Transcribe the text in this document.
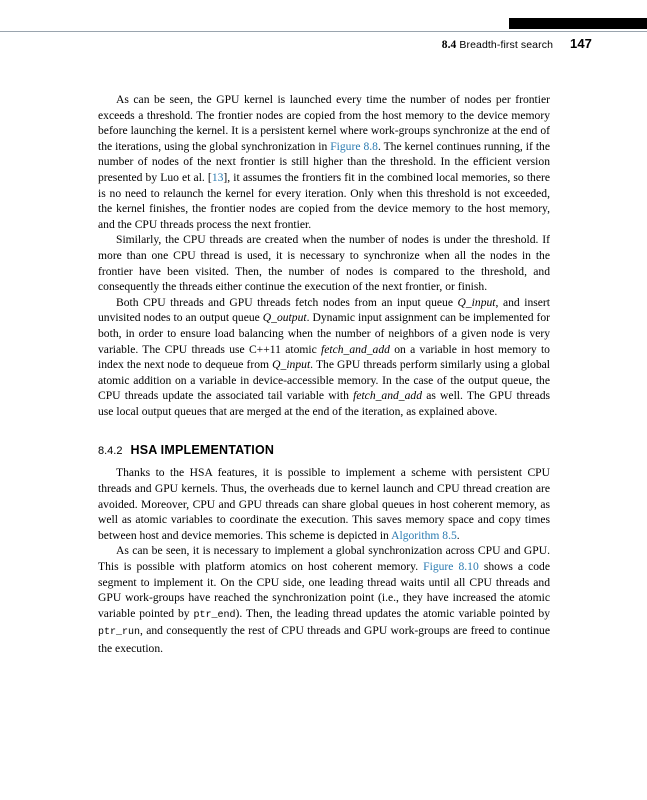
8.4 Breadth-first search 147

As can be seen, the GPU kernel is launched every time the number of nodes per frontier exceeds a threshold. The frontier nodes are copied from the host memory to the device memory before launching the kernel. It is a persistent kernel where work-groups synchronize at the end of the iterations, using the global synchronization in Figure 8.8. The kernel continues running, if the number of nodes of the next frontier is still higher than the threshold. In the efficient version presented by Luo et al. [13], it assumes the frontiers fit in the combined local memories, so there is no need to relaunch the kernel for every iteration. Only when this threshold is not exceeded, the kernel finishes, the frontier nodes are copied from the device memory to the host memory, and the CPU threads process the next frontier.

Similarly, the CPU threads are created when the number of nodes is under the threshold. If more than one CPU thread is used, it is necessary to synchronize when all the nodes in the frontier have been visited. Then, the number of nodes is compared to the threshold, and consequently the threads either continue the execution of the next frontier, or finish.

Both CPU threads and GPU threads fetch nodes from an input queue Q_input, and insert unvisited nodes to an output queue Q_output. Dynamic input assignment can be implemented for both, in order to ensure load balancing when the number of neighbors of a given node is very variable. The CPU threads use C++11 atomic fetch_and_add on a variable in host memory to index the next node to dequeue from Q_input. The GPU threads perform similarly using a global atomic addition on a variable in device-accessible memory. In the case of the output queue, the CPU threads update the associated tail variable with fetch_and_add as well. The GPU threads use local output queues that are merged at the end of the iteration, as explained above.

8.4.2 HSA IMPLEMENTATION

Thanks to the HSA features, it is possible to implement a scheme with persistent CPU threads and GPU kernels. Thus, the overheads due to kernel launch and CPU thread creation are avoided. Moreover, CPU and GPU threads can share global queues in host coherent memory, as well as atomic variables to coordinate the execution. This saves memory space and copy times between host and device memories. This scheme is depicted in Algorithm 8.5.

As can be seen, it is necessary to implement a global synchronization across CPU and GPU. This is possible with platform atomics on host coherent memory. Figure 8.10 shows a code segment to implement it. On the CPU side, one leading thread waits until all CPU threads and GPU work-groups have reached the synchronization point (i.e., they have increased the atomic variable pointed by ptr_end). Then, the leading thread updates the atomic variable pointed by ptr_run, and consequently the rest of CPU threads and GPU work-groups are freed to continue the execution.
